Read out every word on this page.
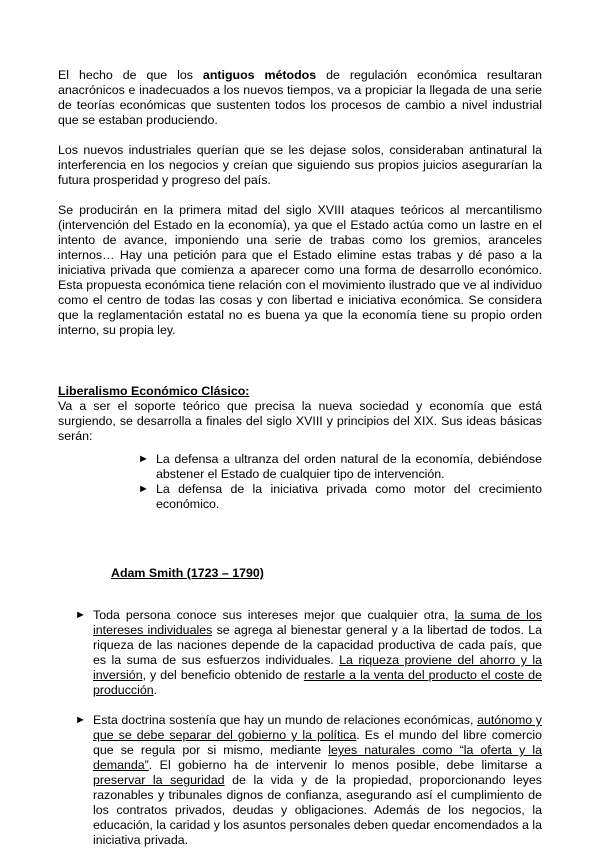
El hecho de que los antiguos métodos de regulación económica resultaran anacrónicos e inadecuados a los nuevos tiempos, va a propiciar la llegada de una serie de teorías económicas que sustenten todos los procesos de cambio a nivel industrial que se estaban produciendo.

Los nuevos industriales querían que se les dejase solos, consideraban antinatural la interferencia en los negocios y creían que siguiendo sus propios juicios asegurarían la futura prosperidad y progreso del país.

Se producirán en la primera mitad del siglo XVIII ataques teóricos al mercantilismo (intervención del Estado en la economía), ya que el Estado actúa como un lastre en el intento de avance, imponiendo una serie de trabas como los gremios, aranceles internos… Hay una petición para que el Estado elimine estas trabas y dé paso a la iniciativa privada que comienza a aparecer como una forma de desarrollo económico. Esta propuesta económica tiene relación con el movimiento ilustrado que ve al individuo como el centro de todas las cosas y con libertad e iniciativa económica. Se considera que la reglamentación estatal no es buena ya que la economía tiene su propio orden interno, su propia ley.

Liberalismo Económico Clásico:

Va a ser el soporte teórico que precisa la nueva sociedad y economía que está surgiendo, se desarrolla a finales del siglo XVIII y principios del XIX. Sus ideas básicas serán:

► La defensa a ultranza del orden natural de la economía, debiéndose abstener el Estado de cualquier tipo de intervención.
► La defensa de la iniciativa privada como motor del crecimiento económico.
Adam Smith (1723 – 1790)
► Toda persona conoce sus intereses mejor que cualquier otra, la suma de los intereses individuales se agrega al bienestar general y a la libertad de todos. La riqueza de las naciones depende de la capacidad productiva de cada país, que es la suma de sus esfuerzos individuales. La riqueza proviene del ahorro y la inversión, y del beneficio obtenido de restarle a la venta del producto el coste de producción.
► Esta doctrina sostenía que hay un mundo de relaciones económicas, autónomo y que se debe separar del gobierno y la política. Es el mundo del libre comercio que se regula por si mismo, mediante leyes naturales como “la oferta y la demanda”. El gobierno ha de intervenir lo menos posible, debe limitarse a preservar la seguridad de la vida y de la propiedad, proporcionando leyes razonables y tribunales dignos de confianza, asegurando así el cumplimiento de los contratos privados, deudas y obligaciones. Además de los negocios, la educación, la caridad y los asuntos personales deben quedar encomendados a la iniciativa privada.
